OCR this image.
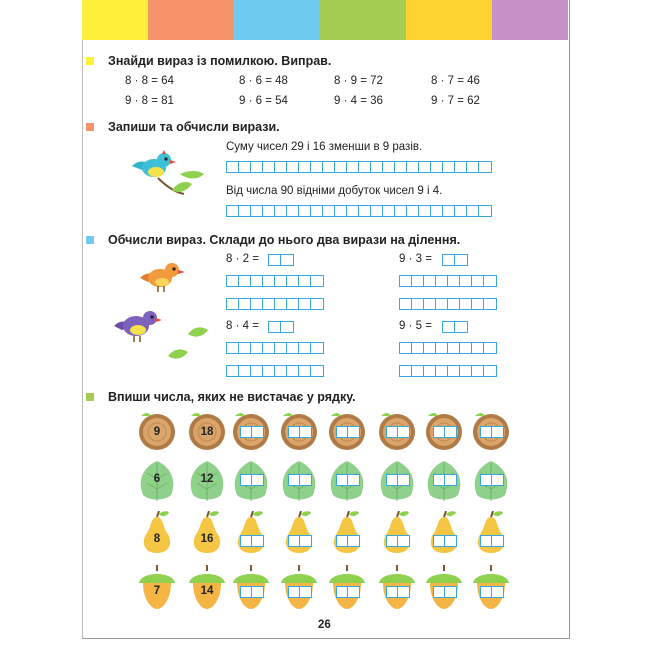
Знайди вираз із помилкою. Виправ.
8 · 8 = 64	8 · 6 = 48	8 · 9 = 72	8 · 7 = 46
9 · 8 = 81	9 · 6 = 54	9 · 4 = 36	9 · 7 = 62
Запиши та обчисли вирази.
Суму чисел 29 і 16 зменши в 9 разів.
Від числа 90 відніми добуток чисел 9 і 4.
Обчисли вираз. Склади до нього два вирази на ділення.
8 · 2 =	9 · 3 =
8 · 4 =	9 · 5 =
Впиши числа, яких не вистачає у рядку.
9	18
6	12
8	16
7	14
26
